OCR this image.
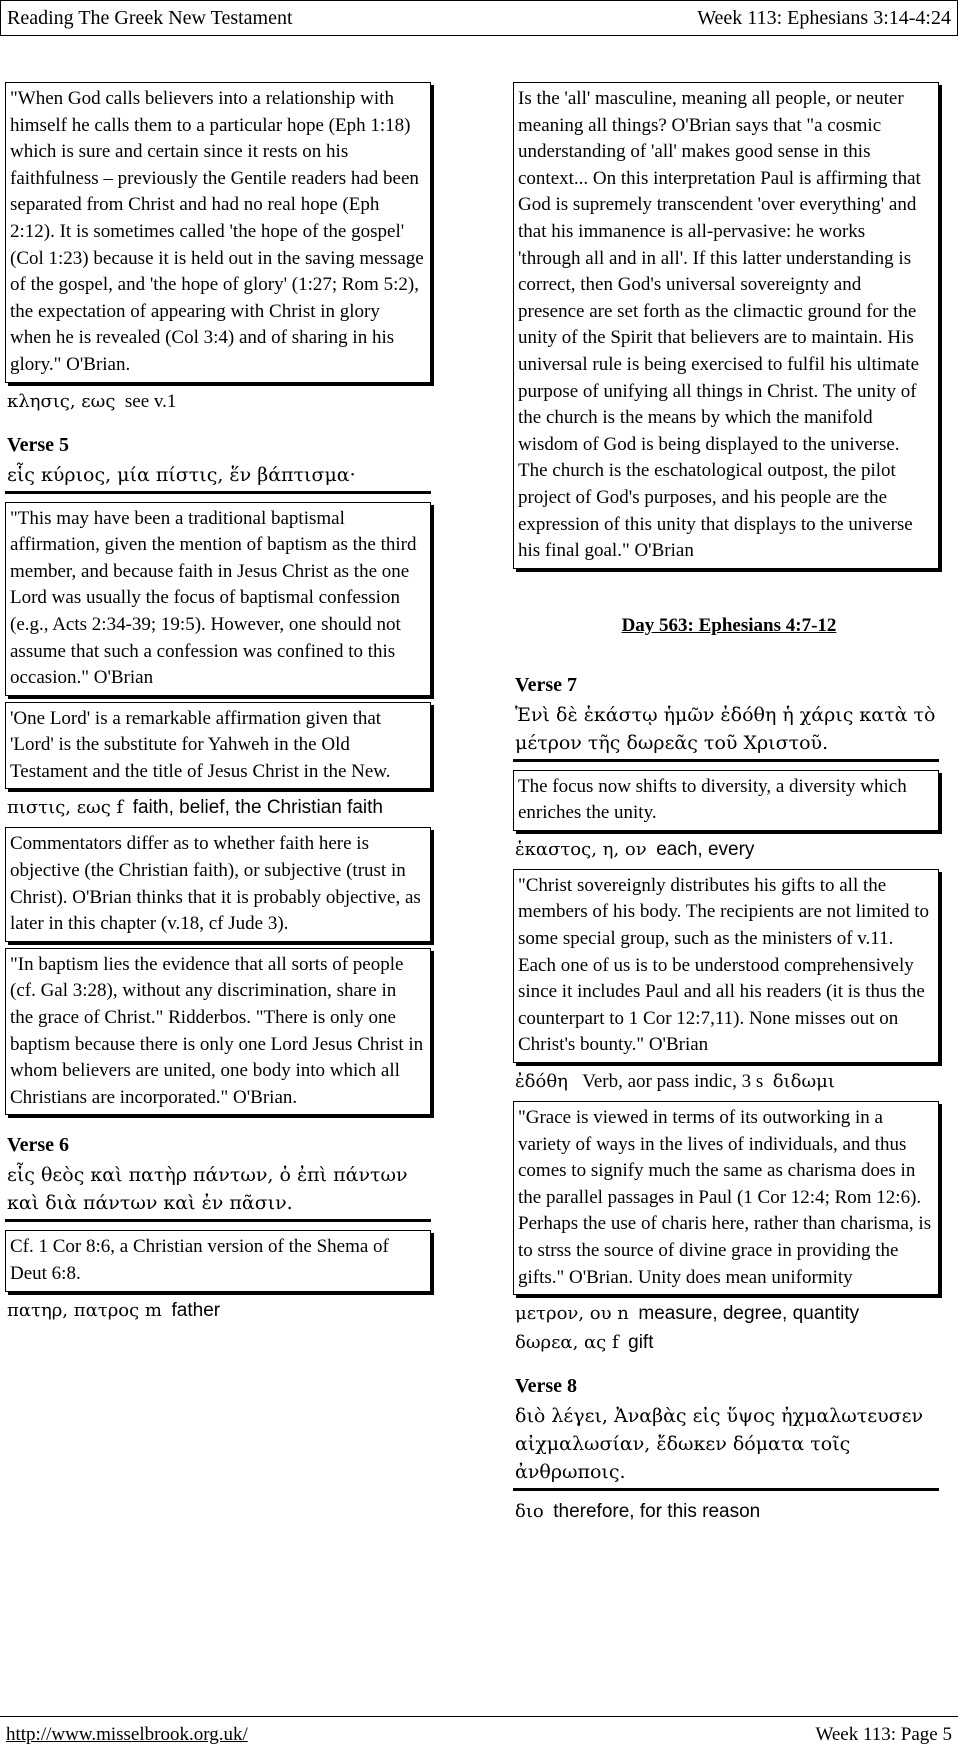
Reading The Greek New Testament	Week 113: Ephesians 3:14-4:24
"When God calls believers into a relationship with himself he calls them to a particular hope (Eph 1:18) which is sure and certain since it rests on his faithfulness – previously the Gentile readers had been separated from Christ and had no real hope (Eph 2:12). It is sometimes called 'the hope of the gospel' (Col 1:23) because it is held out in the saving message of the gospel, and 'the hope of glory' (1:27; Rom 5:2), the expectation of appearing with Christ in glory when he is revealed (Col 3:4) and of sharing in his glory." O'Brian.
κλησις, εως see v.1
Verse 5
εἷς κύριος, μία πίστις, ἕν βάπτισμα·
"This may have been a traditional baptismal affirmation, given the mention of baptism as the third member, and because faith in Jesus Christ as the one Lord was usually the focus of baptismal confession (e.g., Acts 2:34-39; 19:5). However, one should not assume that such a confession was confined to this occasion." O'Brian
'One Lord' is a remarkable affirmation given that 'Lord' is the substitute for Yahweh in the Old Testament and the title of Jesus Christ in the New.
πιστις, εως f faith, belief, the Christian faith
Commentators differ as to whether faith here is objective (the Christian faith), or subjective (trust in Christ). O'Brian thinks that it is probably objective, as later in this chapter (v.18, cf Jude 3).
"In baptism lies the evidence that all sorts of people (cf. Gal 3:28), without any discrimination, share in the grace of Christ." Ridderbos. "There is only one baptism because there is only one Lord Jesus Christ in whom believers are united, one body into which all Christians are incorporated." O'Brian.
Verse 6
εἷς θεὸς καὶ πατὴρ πάντων, ὁ ἐπὶ πάντων καὶ διὰ πάντων καὶ ἐν πᾶσιν.
Cf. 1 Cor 8:6, a Christian version of the Shema of Deut 6:8.
πατηρ, πατρος m father
Is the 'all' masculine, meaning all people, or neuter meaning all things? O'Brian says that "a cosmic understanding of 'all' makes good sense in this context... On this interpretation Paul is affirming that God is supremely transcendent 'over everything' and that his immanence is all-pervasive: he works 'through all and in all'. If this latter understanding is correct, then God's universal sovereignty and presence are set forth as the climactic ground for the unity of the Spirit that believers are to maintain. His universal rule is being exercised to fulfil his ultimate purpose of unifying all things in Christ. The unity of the church is the means by which the manifold wisdom of God is being displayed to the universe. The church is the eschatological outpost, the pilot project of God's purposes, and his people are the expression of this unity that displays to the universe his final goal." O'Brian
Day 563: Ephesians 4:7-12
Verse 7
Ἑνὶ δὲ ἑκάστῳ ἡμῶν ἐδόθη ἡ χάρις κατὰ τὸ μέτρον τῆς δωρεᾶς τοῦ Χριστοῦ.
The focus now shifts to diversity, a diversity which enriches the unity.
ἑκαστος, η, ον each, every
"Christ sovereignly distributes his gifts to all the members of his body. The recipients are not limited to some special group, such as the ministers of v.11. Each one of us is to be understood comprehensively since it includes Paul and all his readers (it is thus the counterpart to 1 Cor 12:7,11). None misses out on Christ's bounty." O'Brian
ἐδόθη Verb, aor pass indic, 3 s διδωμι
"Grace is viewed in terms of its outworking in a variety of ways in the lives of individuals, and thus comes to signify much the same as charisma does in the parallel passages in Paul (1 Cor 12:4; Rom 12:6). Perhaps the use of charis here, rather than charisma, is to strss the source of divine grace in providing the gifts." O'Brian. Unity does mean uniformity
μετρον, ου n measure, degree, quantity
δωρεα, ας f gift
Verse 8
διὸ λέγει, Ἀναβὰς εἰς ὕψος ἠχμαλωτευσεν αἰχμαλωσίαν, ἔδωκεν δόματα τοῖς ἀνθρωποις.
διο therefore, for this reason
http://www.misselbrook.org.uk/	Week 113: Page 5
